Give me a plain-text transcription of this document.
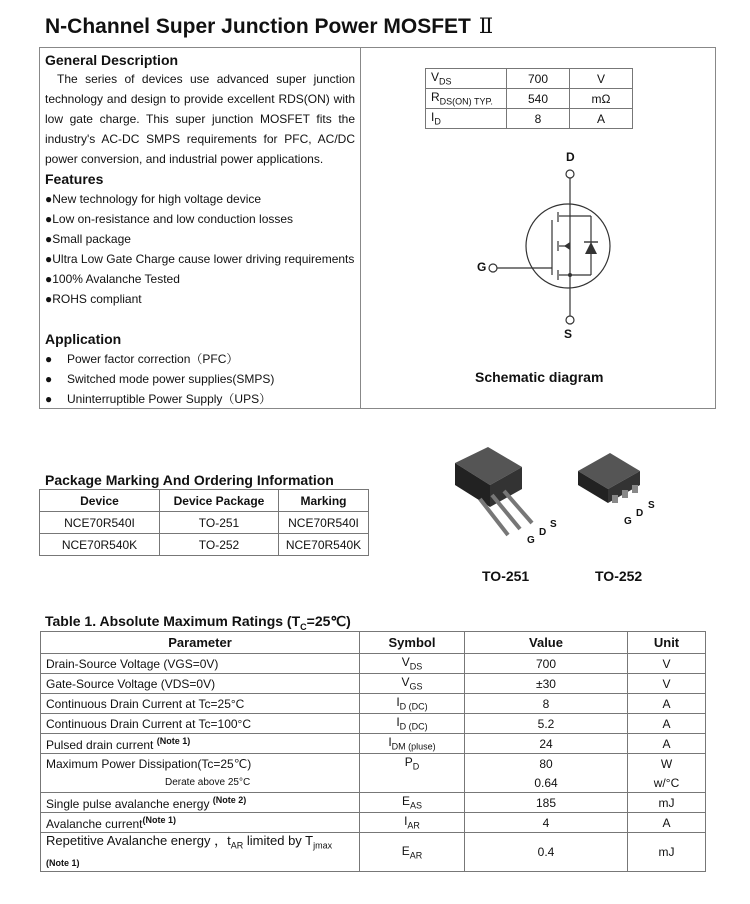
N-Channel Super Junction Power MOSFET Ⅱ
General Description
The series of devices use advanced super junction technology and design to provide excellent RDS(ON) with low gate charge. This super junction MOSFET fits the industry's AC-DC SMPS requirements for PFC, AC/DC power conversion, and industrial power applications.
Features
●New technology for high voltage device
●Low on-resistance and low conduction losses
●Small package
●Ultra Low Gate Charge cause lower driving requirements
●100% Avalanche Tested
●ROHS compliant
Application
● Power factor correction（PFC）
● Switched mode power supplies(SMPS)
● Uninterruptible Power Supply（UPS）
$V_{DS}$	700	V
$R_{DS(ON) TYP.}$	540	mΩ
$I_D$	8	A
D
G
S
Schematic diagram
Package Marking And Ordering Information
Device	Device Package	Marking
NCE70R540I	TO-251	NCE70R540I
NCE70R540K	TO-252	NCE70R540K	G
D
S	G
D
S
TO-251	TO-252
Table 1. Absolute Maximum Ratings $(T_C=25℃)$
Parameter	Symbol	Value	Unit
Drain-Source Voltage (VGS=0V)	$V_{DS}$	700	V
Gate-Source Voltage (VDS=0V)	$V_{GS}$	±30	V
Continuous Drain Current at Tc=25°C	$I_{D (DC)}$	8	A
Continuous Drain Current at Tc=100°C	$I_{D (DC)}$	5.2	A
Pulsed drain current $^{(Note 1)}$	$I_{DM (pluse)}$	24	A
Maximum Power Dissipation(Tc=25℃)	$P_D$	80	W
Derate above 25°C		0.64	w/°C
Single pulse avalanche energy $^{(Note 2)}$	$E_{AS}$	185	mJ
Avalanche current$^{(Note 1)}$	$I_{AR}$	4	A
Repetitive Avalanche energy ，$t_{AR}$ limited by $T_{jmax}$
(Note 1)	$E_{AR}$	0.4	mJ
